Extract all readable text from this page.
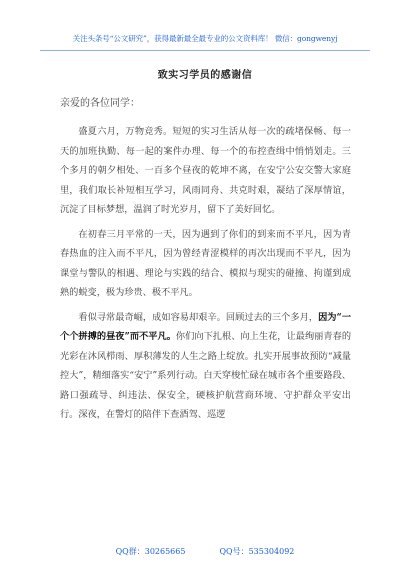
关注头条号“公文研究”，获得最新最全最专业的公文资料库！ 微信：gongwenyj
致实习学员的感谢信
亲爱的各位同学：

盛夏六月，万物竞秀。短短的实习生活从每一次的疏堵保畅、每一天的加班执勤、每一起的案件办理、每一个的布控查缉中悄悄划走。三个多月的朝夕相处、一百多个昼夜的乾坤不离，在安宁公安交警大家庭里，我们取长补短相互学习，风雨同舟、共克时艰，凝结了深厚情谊，沉淀了目标梦想，温润了时光岁月，留下了美好回忆。

在初春三月平常的一天，因为遇到了你们的到来而不平凡，因为青春热血的注入而不平凡，因为曾经青涩模样的再次出现而不平凡，因为课堂与警队的相遇、理论与实践的结合、模拟与现实的碰撞、拘谨到成熟的蜕变，极为珍贵、极不平凡。

看似寻常最奇崛，成如容易却艰辛。回顾过去的三个多月，因为“一个个拼搏的昼夜”而不平凡。你们向下扎根、向上生花，让最绚丽青春的光彩在沐风栉雨、厚积薄发的人生之路上绽放。扎实开展事故预防“减量控大”，精细落实“安宁”系列行动。白天穿梭忙碌在城市各个重要路段、路口强疏导、纠违法、保安全，硬核护航营商环境、守护群众平安出行。深夜，在警灯的陪伴下查酒驾、巡逻

QQ群：30265665	QQ号：535304092
